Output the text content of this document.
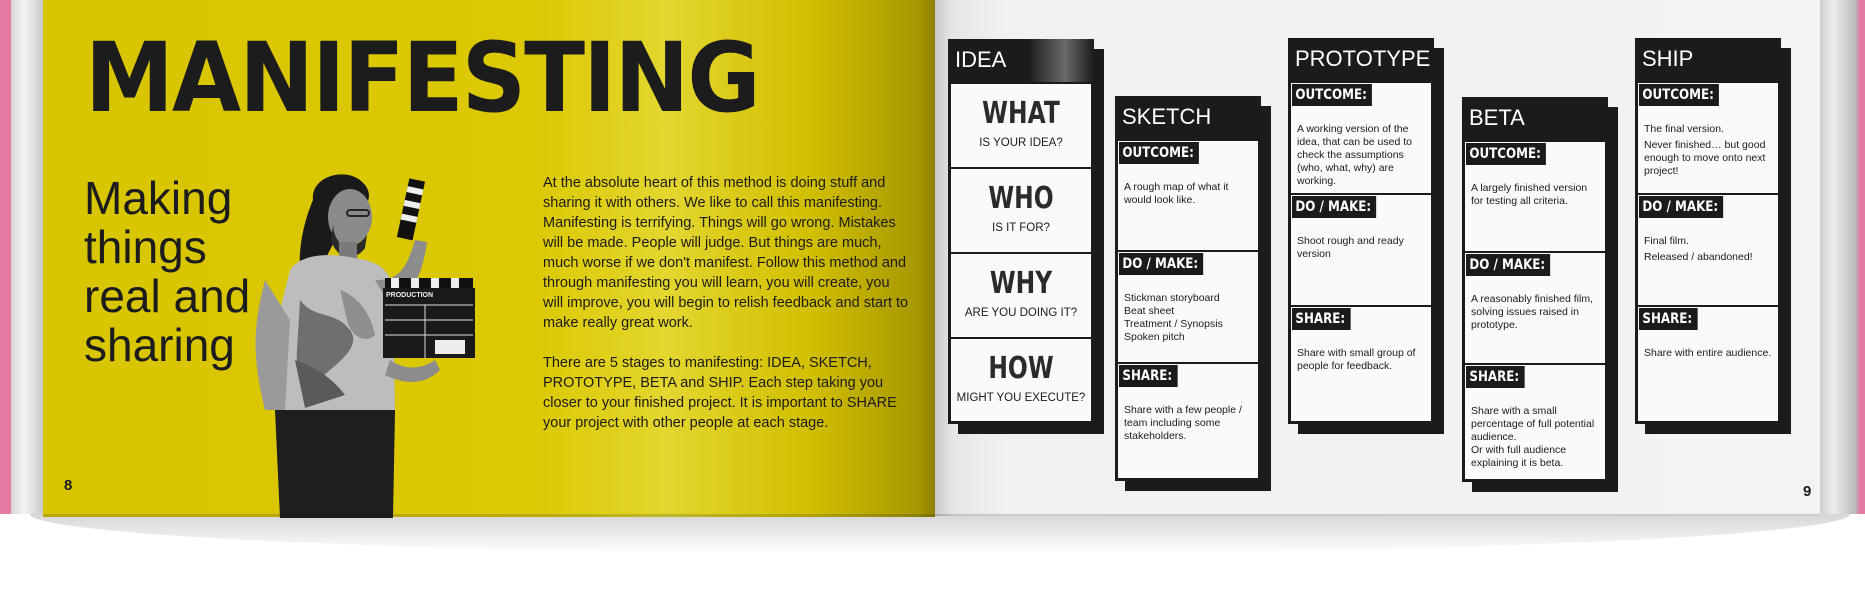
MANIFESTING
Making
things
real and
sharing
PRODUCTION

At the absolute heart of this method is doing stuff and sharing it with others. We like to call this manifesting. Manifesting is terrifying. Things will go wrong. Mistakes will be made. People will judge. But things are much, much worse if we don't manifest. Follow this method and through manifesting you will learn, you will create, you will improve, you will begin to relish feedback and start to make really great work.

There are 5 stages to manifesting: IDEA, SKETCH, PROTOTYPE, BETA and SHIP. Each step taking you closer to your finished project. It is important to SHARE your project with other people at each stage.

8	9
IDEA
WHAT
IS YOUR IDEA?
WHO
IS IT FOR?
WHY
ARE YOU DOING IT?
HOW
MIGHT YOU EXECUTE?
SKETCH
OUTCOME:
A rough map of what it would look like.
DO / MAKE:
Stickman storyboard
Beat sheet
Treatment / Synopsis
Spoken pitch
SHARE:
Share with a few people / team including some stakeholders.
PROTOTYPE
OUTCOME:
A working version of the idea, that can be used to check the assumptions (who, what, why) are working.
DO / MAKE:
Shoot rough and ready version
SHARE:
Share with small group of people for feedback.
BETA
OUTCOME:
A largely finished version for testing all criteria.
DO / MAKE:
A reasonably finished film, solving issues raised in prototype.
SHARE:
Share with a small percentage of full potential audience.
Or with full audience explaining it is beta.
SHIP
OUTCOME:
The final version.
Never finished… but good enough to move onto next project!
DO / MAKE:
Final film.
Released / abandoned!
SHARE:
Share with entire audience.
